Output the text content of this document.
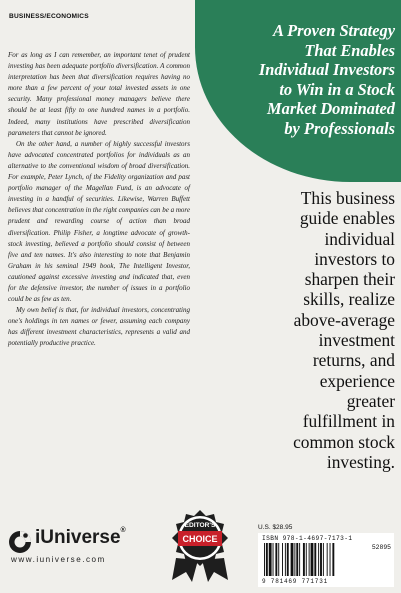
BUSINESS/ECONOMICS
A Proven Strategy
That Enables
Individual Investors
to Win in a Stock
Market Dominated
by Professionals

For as long as I can remember, an important tenet of prudent investing has been adequate portfolio diversification. A common interpretation has been that diversification requires having no more than a few percent of your total invested assets in one security. Many professional money managers believe there should be at least fifty to one hundred names in a portfolio. Indeed, many institutions have prescribed diversification parameters that cannot be ignored.

On the other hand, a number of highly successful investors have advocated concentrated portfolios for individuals as an alternative to the conventional wisdom of broad diversification. For example, Peter Lynch, of the Fidelity organization and past portfolio manager of the Magellan Fund, is an advocate of investing in a handful of securities. Likewise, Warren Buffett believes that concentration in the right companies can be a more prudent and rewarding course of action than broad diversification. Philip Fisher, a longtime advocate of growth-stock investing, believed a portfolio should consist of between five and ten names. It's also interesting to note that Benjamin Graham in his seminal 1949 book, The Intelligent Investor, cautioned against excessive investing and indicated that, even for the defensive investor, the number of issues in a portfolio could be as few as ten.

My own belief is that, for individual investors, concentrating one's holdings in ten names or fewer, assuming each company has different investment characteristics, represents a valid and potentially productive practice.

This business
guide enables
individual
investors to
sharpen their
skills, realize
above-average
investment
returns, and
experience
greater
fulfillment in
common stock
investing.
iUniverse®
www.iuniverse.com
EDITOR'S
CHOICE
U.S. $28.95
ISBN 978-1-4697-7173-1
52895
9 781469 771731
